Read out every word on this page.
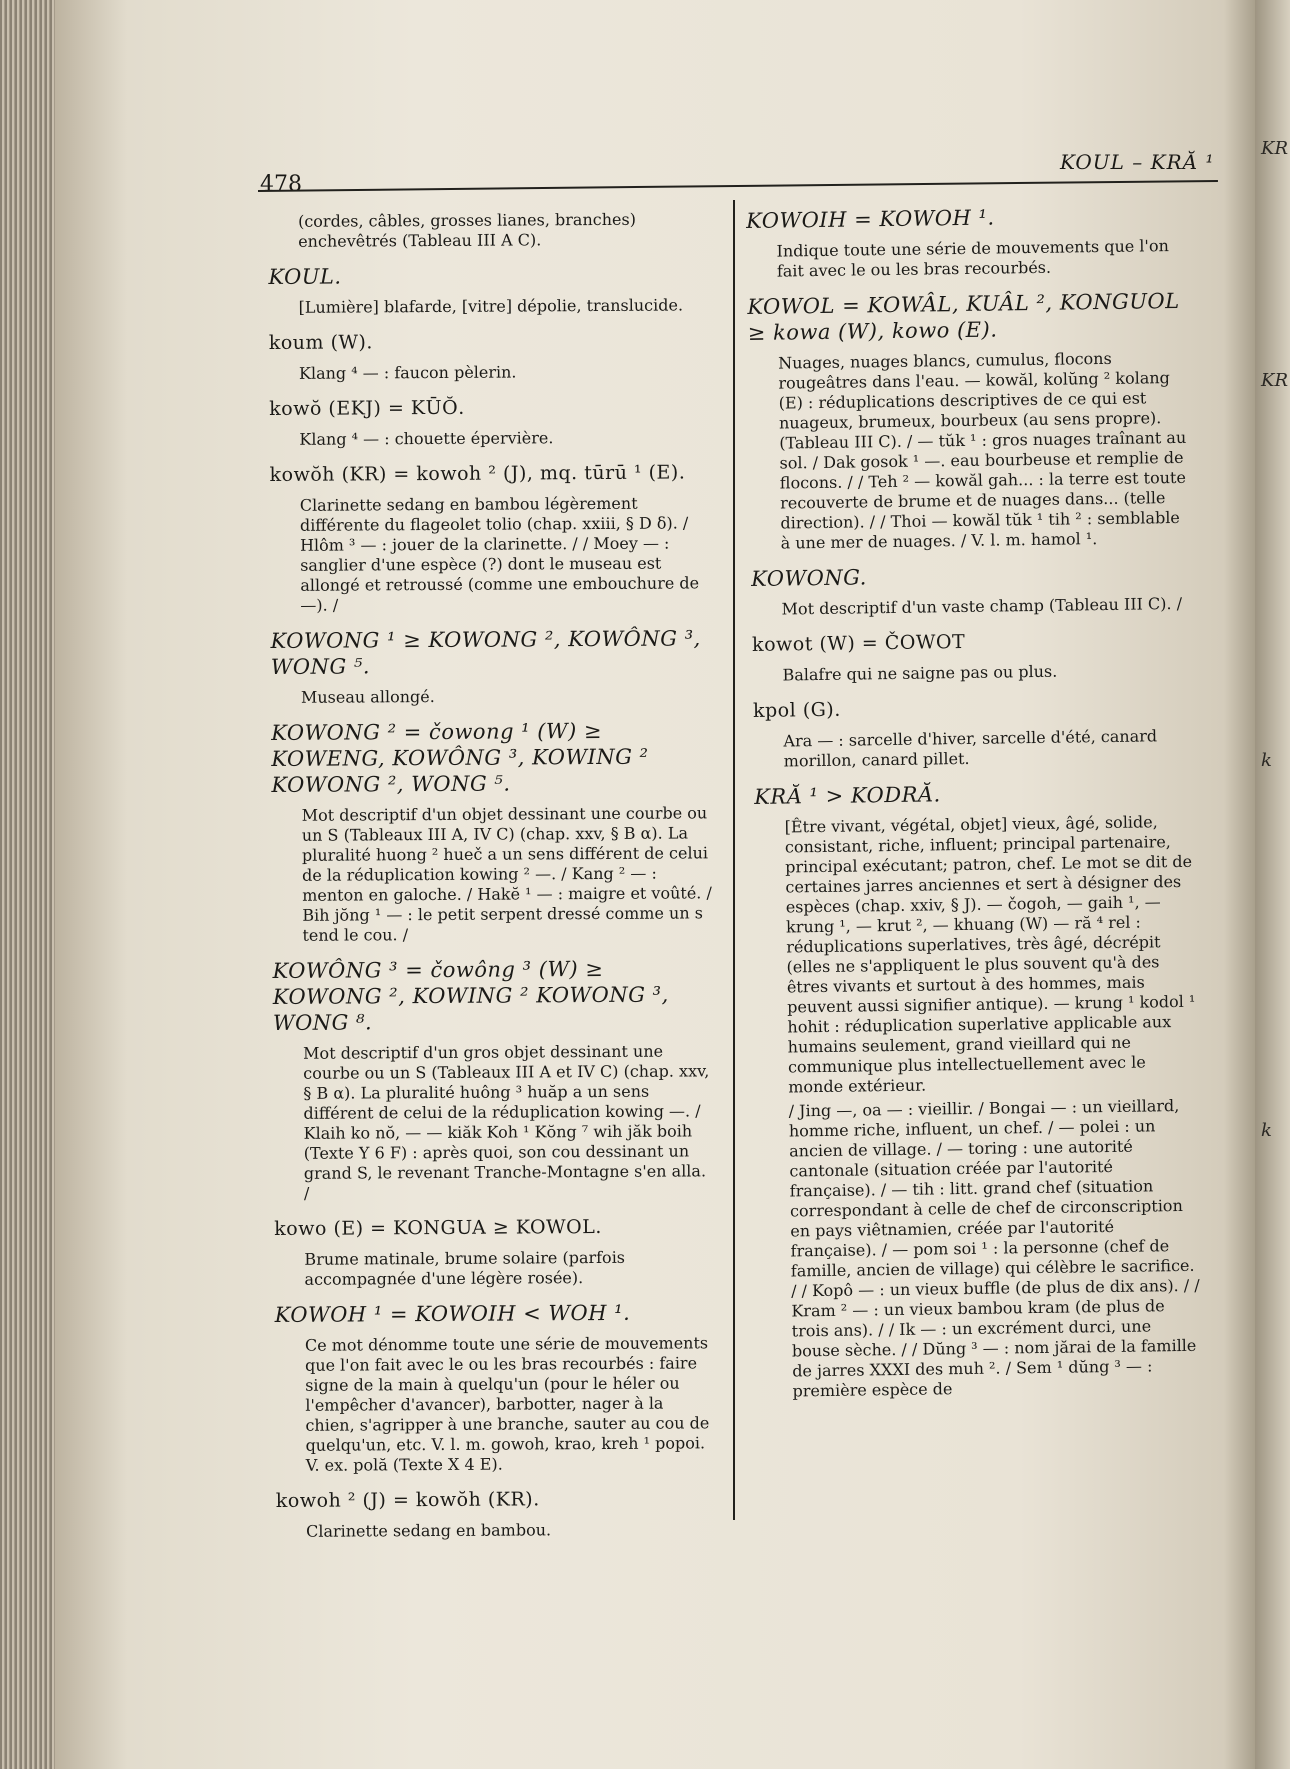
KR
KR
k
k
478
KOUL – KRĂ ¹
(cordes, câbles, grosses lianes, branches) enchevêtrés (Tableau III A C).
KOUL.
[Lumière] blafarde, [vitre] dépolie, translucide.
koum (W).
Klang ⁴ — : faucon pèlerin.
kowŏ (EKJ) = KŪŎ.
Klang ⁴ — : chouette épervière.
kowŏh (KR) = kowoh ² (J), mq. tūrū ¹ (E).
Clarinette sedang en bambou légèrement différente du flageolet tolio (chap. xxiii, § D δ). / Hlôm ³ — : jouer de la clarinette. / / Moey — : sanglier d'une espèce (?) dont le museau est allongé et retroussé (comme une embouchure de —). /
KOWONG ¹ ≥ KOWONG ², KOWÔNG ³, WONG ⁵.
Museau allongé.
KOWONG ² = čowong ¹ (W) ≥ KOWENG, KOWÔNG ³, KOWING ² KOWONG ², WONG ⁵.
Mot descriptif d'un objet dessinant une courbe ou un S (Tableaux III A, IV C) (chap. xxv, § B α). La pluralité huong ² hueč a un sens différent de celui de la réduplication kowing ² —. / Kang ² — : menton en galoche. / Hakĕ ¹ — : maigre et voûté. / Bih jŏng ¹ — : le petit serpent dressé comme un s tend le cou. /
KOWÔNG ³ = čowông ³ (W) ≥ KOWONG ², KOWING ² KOWONG ³, WONG ⁸.
Mot descriptif d'un gros objet dessinant une courbe ou un S (Tableaux III A et IV C) (chap. xxv, § B α). La pluralité huông ³ huăp a un sens différent de celui de la réduplication kowing —. / Klaih ko nŏ, — — kiăk Koh ¹ Kŏng ⁷ wih jăk boih (Texte Y 6 F) : après quoi, son cou dessinant un grand S, le revenant Tranche-Montagne s'en alla. /
kowo (E) = KONGUA ≥ KOWOL.
Brume matinale, brume solaire (parfois accompagnée d'une légère rosée).
KOWOH ¹ = KOWOIH < WOH ¹.
Ce mot dénomme toute une série de mouvements que l'on fait avec le ou les bras recourbés : faire signe de la main à quelqu'un (pour le héler ou l'empêcher d'avancer), barbotter, nager à la chien, s'agripper à une branche, sauter au cou de quelqu'un, etc. V. l. m. gowoh, krao, kreh ¹ popoi. V. ex. polă (Texte X 4 E).
kowoh ² (J) = kowŏh (KR).
Clarinette sedang en bambou.
KOWOIH = KOWOH ¹.
Indique toute une série de mouvements que l'on fait avec le ou les bras recourbés.
KOWOL = KOWÂL, KUÂL ², KONGUOL ≥ kowa (W), kowo (E).
Nuages, nuages blancs, cumulus, flocons rougeâtres dans l'eau. — kowăl, kolŭng ² kolang (E) : réduplications descriptives de ce qui est nuageux, brumeux, bourbeux (au sens propre). (Tableau III C). / — tŭk ¹ : gros nuages traînant au sol. / Dak gosok ¹ —. eau bourbeuse et remplie de flocons. / / Teh ² — kowăl gah... : la terre est toute recouverte de brume et de nuages dans... (telle direction). / / Thoi — kowăl tŭk ¹ tih ² : semblable à une mer de nuages. / V. l. m. hamol ¹.
KOWONG.
Mot descriptif d'un vaste champ (Tableau III C). /
kowot (W) = ČOWOT
Balafre qui ne saigne pas ou plus.
kpol (G).
Ara — : sarcelle d'hiver, sarcelle d'été, canard morillon, canard pillet.
KRĂ ¹ > KODRĂ.
[Être vivant, végétal, objet] vieux, âgé, solide, consistant, riche, influent; principal partenaire, principal exécutant; patron, chef. Le mot se dit de certaines jarres anciennes et sert à désigner des espèces (chap. xxiv, § J). — čogoh, — gaih ¹, — krung ¹, — krut ², — khuang (W) — ră ⁴ rel : réduplications superlatives, très âgé, décrépit (elles ne s'appliquent le plus souvent qu'à des êtres vivants et surtout à des hommes, mais peuvent aussi signifier antique). — krung ¹ kodol ¹ hohit : réduplication superlative applicable aux humains seulement, grand vieillard qui ne communique plus intellectuellement avec le monde extérieur.
/ Jing —, oa — : vieillir. / Bongai — : un vieillard, homme riche, influent, un chef. / — polei : un ancien de village. / — toring : une autorité cantonale (situation créée par l'autorité française). / — tih : litt. grand chef (situation correspondant à celle de chef de circonscription en pays viêtnamien, créée par l'autorité française). / — pom soi ¹ : la personne (chef de famille, ancien de village) qui célèbre le sacrifice. / / Kopô — : un vieux buffle (de plus de dix ans). / / Kram ² — : un vieux bambou kram (de plus de trois ans). / / Ik — : un excrément durci, une bouse sèche. / / Dŭng ³ — : nom jărai de la famille de jarres XXXI des muh ². / Sem ¹ dŭng ³ — : première espèce de
